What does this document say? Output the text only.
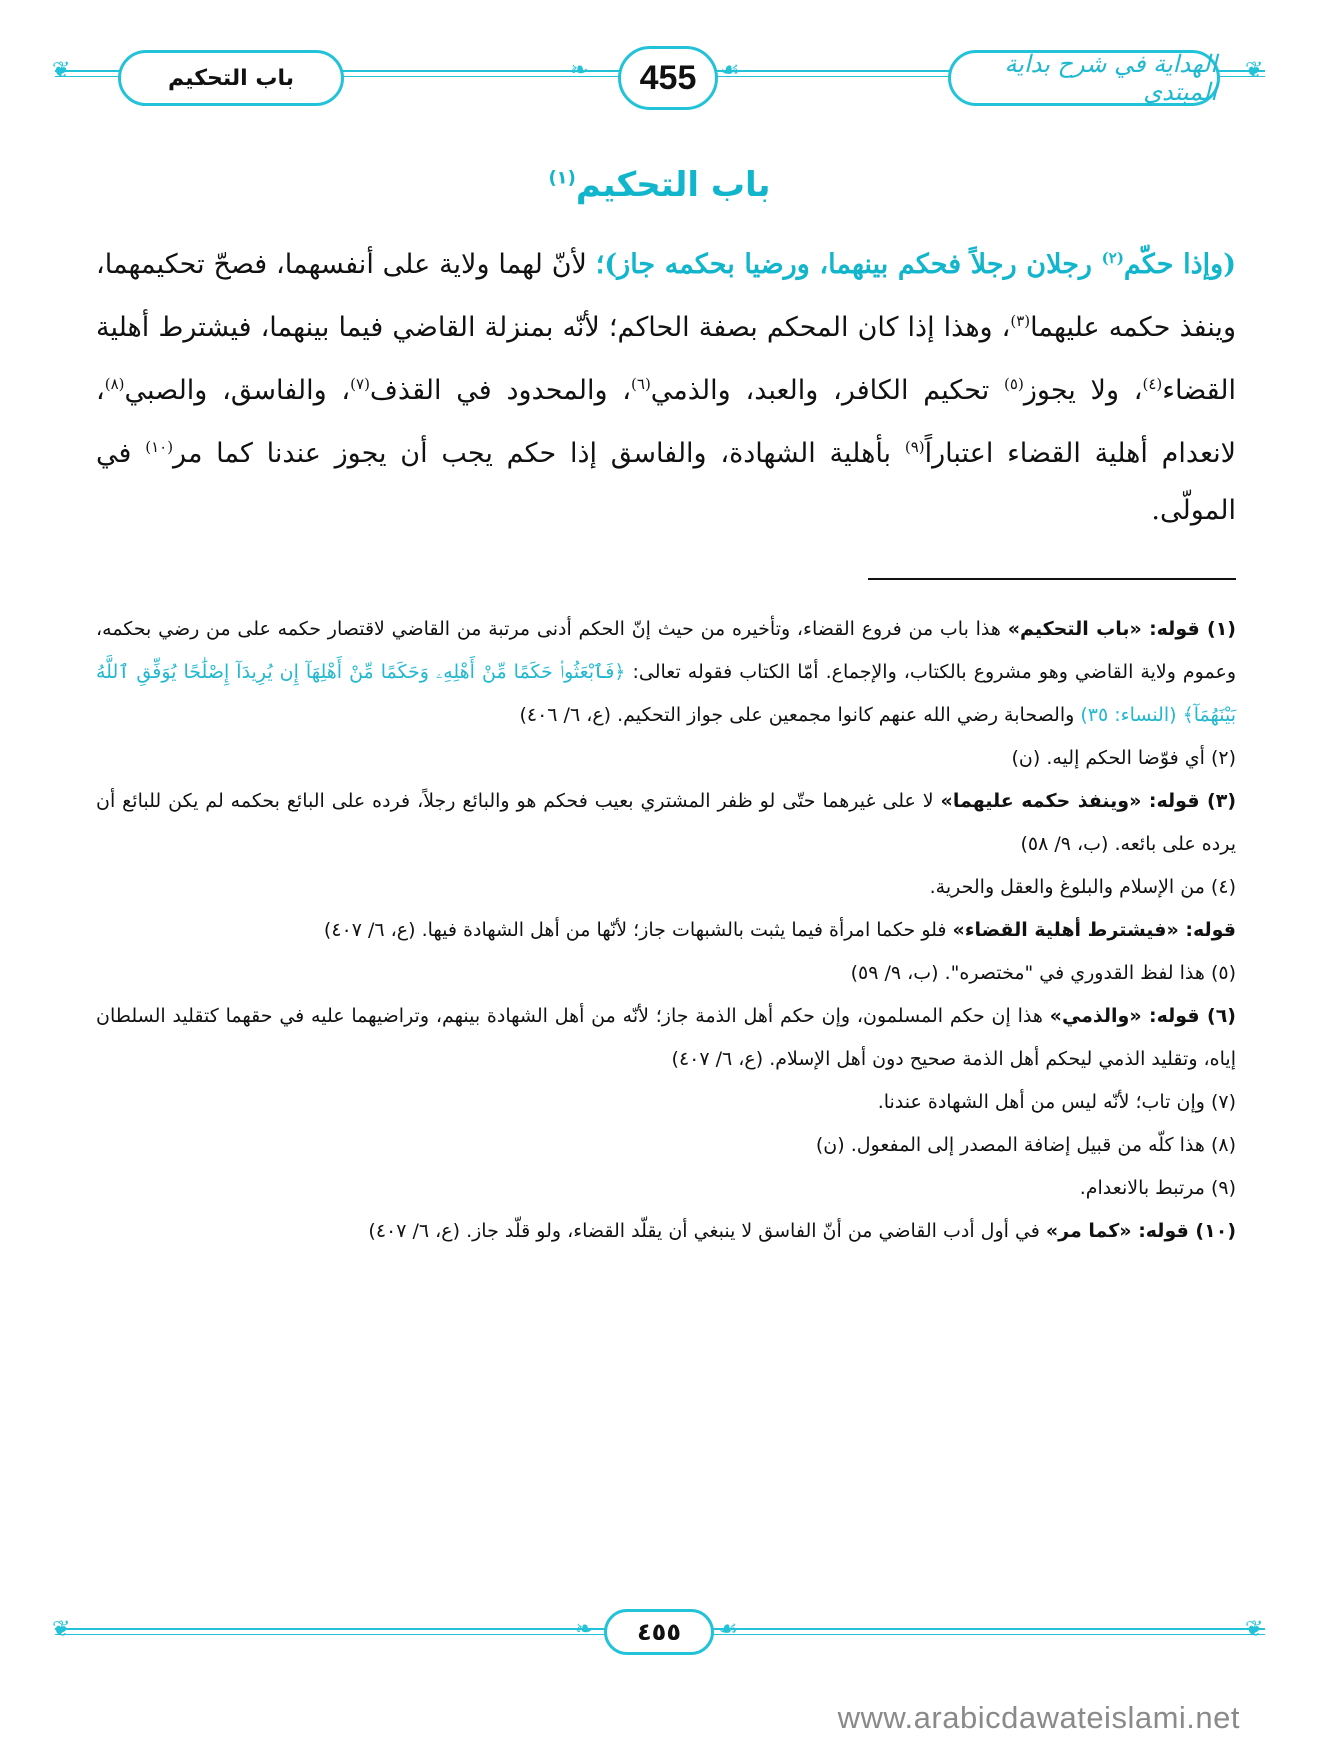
❦	❦
❧	☙
باب التحكيم	455	الهداية في شرح بداية المبتدي
باب التحكيم$^{(١)}$
(وإذا حكّم$^{(٢)}$ رجلان رجلاً فحكم بينهما، ورضيا بحكمه جاز)؛ لأنّ لهما ولاية على أنفسهما، فصحّ تحكيمهما، وينفذ حكمه عليهما$^{(٣)}$، وهذا إذا كان المحكم بصفة الحاكم؛ لأنّه بمنزلة القاضي فيما بينهما، فيشترط أهلية القضاء$^{(٤)}$، ولا يجوز$^{(٥)}$ تحكيم الكافر، والعبد، والذمي$^{(٦)}$، والمحدود في القذف$^{(٧)}$، والفاسق، والصبي$^{(٨)}$، لانعدام أهلية القضاء اعتباراً$^{(٩)}$ بأهلية الشهادة، والفاسق إذا حكم يجب أن يجوز عندنا كما مر$^{(١٠)}$ في المولّى.
(١) قوله: «باب التحكيم» هذا باب من فروع القضاء، وتأخيره من حيث إنّ الحكم أدنى مرتبة من القاضي لاقتصار حكمه على من رضي بحكمه، وعموم ولاية القاضي وهو مشروع بالكتاب، والإجماع. أمّا الكتاب فقوله تعالى: ﴿فَٱبْعَثُوا۟ حَكَمًا مِّنْ أَهْلِهِۦ وَحَكَمًا مِّنْ أَهْلِهَآ إِن يُرِيدَآ إِصْلَٰحًا يُوَفِّقِ ٱللَّهُ بَيْنَهُمَآ﴾ (النساء: ٣٥) والصحابة رضي الله عنهم كانوا مجمعين على جواز التحكيم. (ع، ٦/ ٤٠٦)
(٢) أي فوّضا الحكم إليه. (ن)
(٣) قوله: «وينفذ حكمه عليهما» لا على غيرهما حتّى لو ظفر المشتري بعيب فحكم هو والبائع رجلاً، فرده على البائع بحكمه لم يكن للبائع أن يرده على بائعه. (ب، ٩/ ٥٨)
(٤) من الإسلام والبلوغ والعقل والحرية.
قوله: «فيشترط أهلية القضاء» فلو حكما امرأة فيما يثبت بالشبهات جاز؛ لأنّها من أهل الشهادة فيها. (ع، ٦/ ٤٠٧)
(٥) هذا لفظ القدوري في "مختصره". (ب، ٩/ ٥٩)
(٦) قوله: «والذمي» هذا إن حكم المسلمون، وإن حكم أهل الذمة جاز؛ لأنّه من أهل الشهادة بينهم، وتراضيهما عليه في حقهما كتقليد السلطان إياه، وتقليد الذمي ليحكم أهل الذمة صحيح دون أهل الإسلام. (ع، ٦/ ٤٠٧)
(٧) وإن تاب؛ لأنّه ليس من أهل الشهادة عندنا.
(٨) هذا كلّه من قبيل إضافة المصدر إلى المفعول. (ن)
(٩) مرتبط بالانعدام.
(١٠) قوله: «كما مر» في أول أدب القاضي من أنّ الفاسق لا ينبغي أن يقلّد القضاء، ولو قلّد جاز. (ع، ٦/ ٤٠٧)
❦	❦
❧	☙
٤٥٥
www.arabicdawateislami.net
